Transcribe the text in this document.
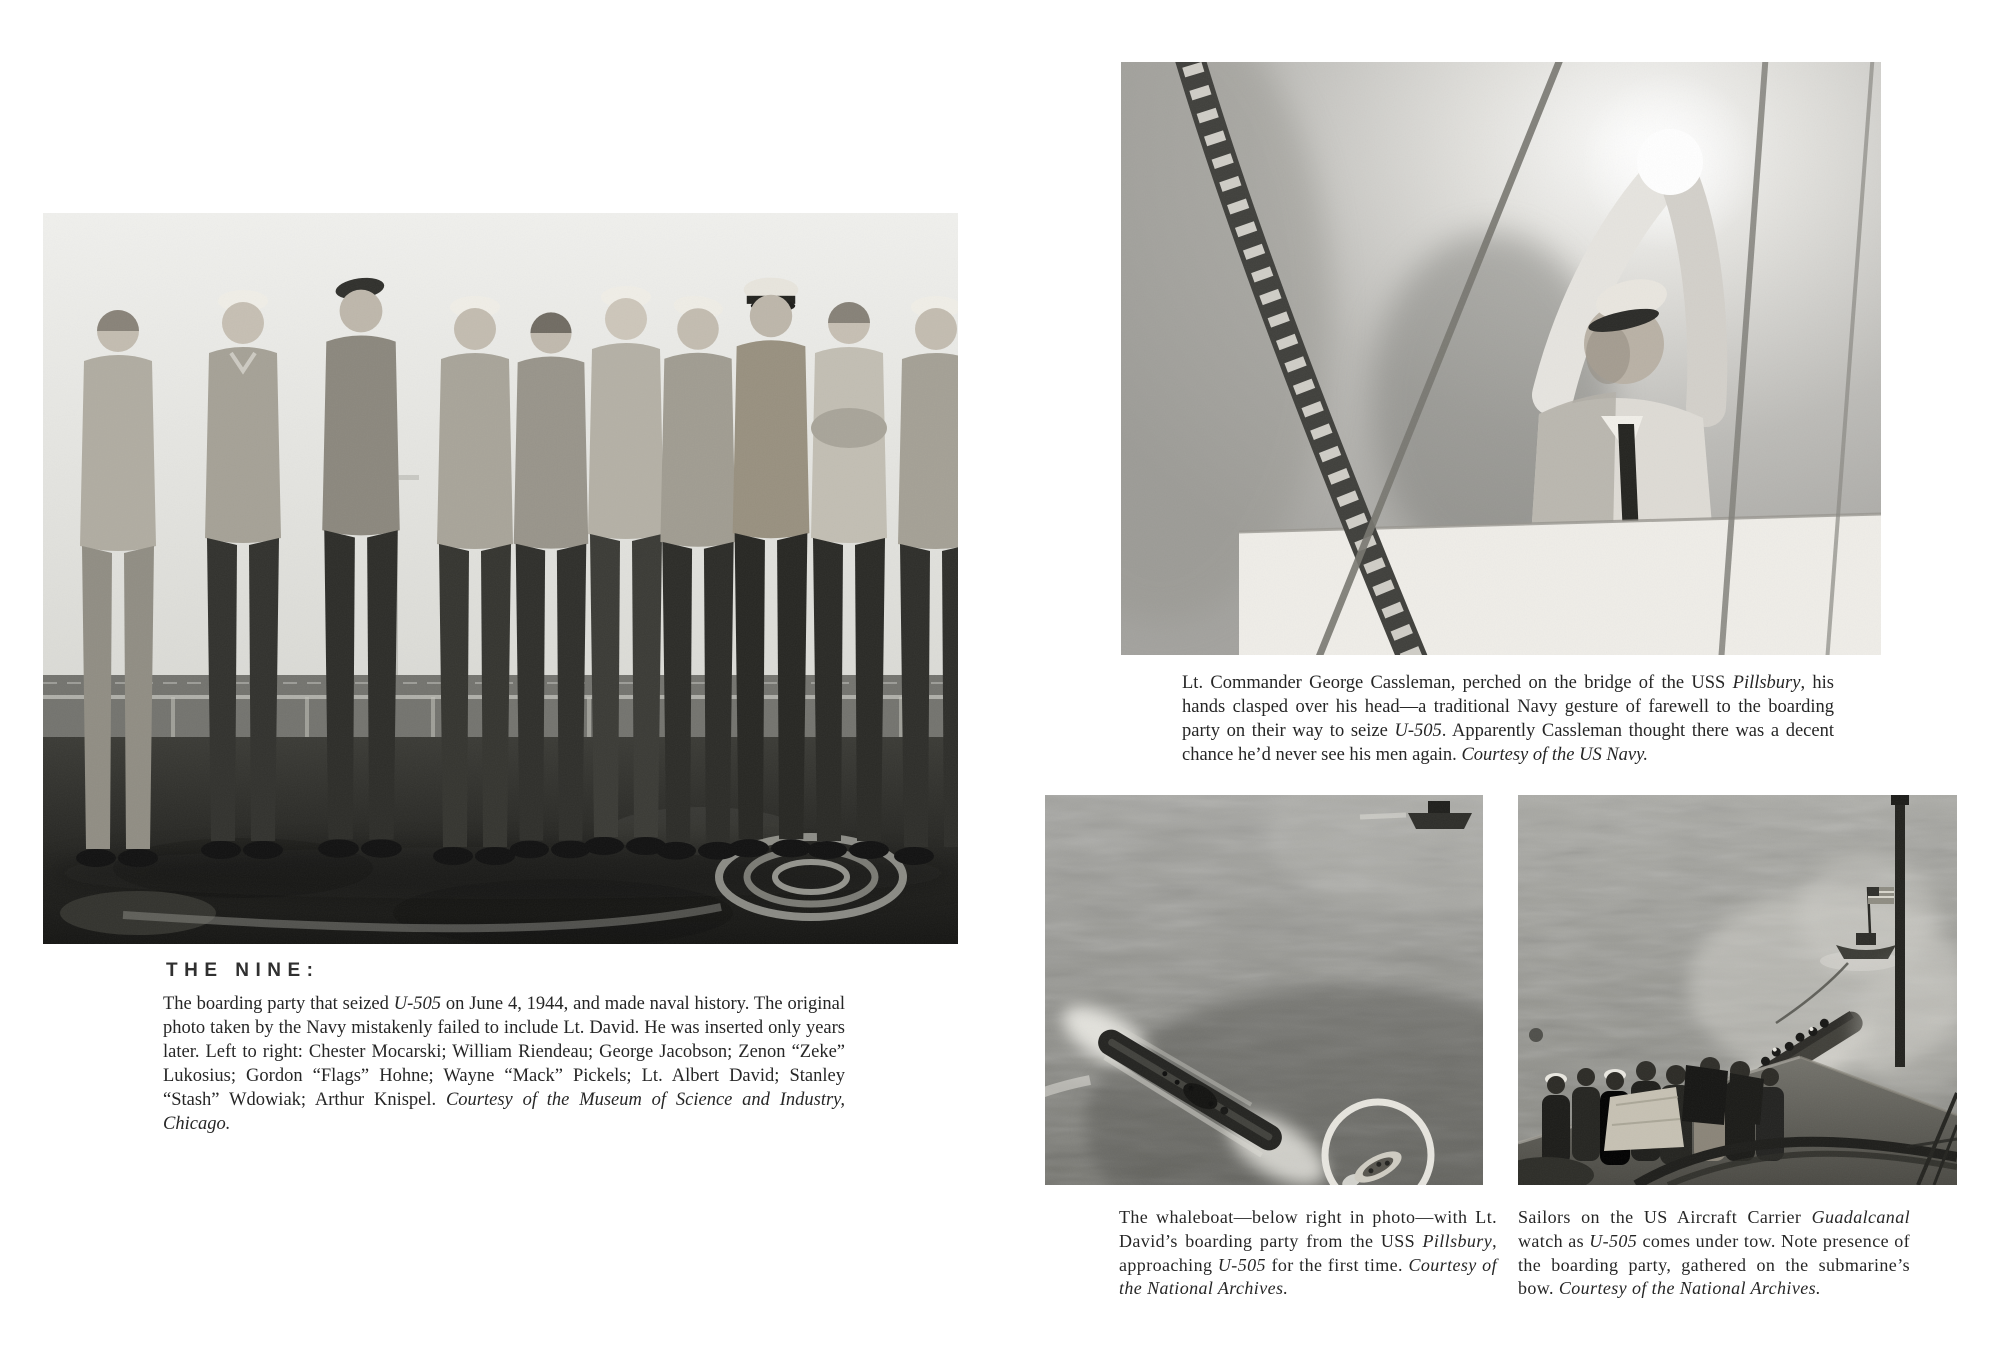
THE NINE:
The boarding party that seized U-505 on June 4, 1944, and made naval history. The original photo taken by the Navy mistakenly failed to include Lt. David. He was inserted only years later. Left to right: Chester Mocarski; William Riendeau; George Jacobson; Zenon “Zeke” Lukosius; Gordon “Flags” Hohne; Wayne “Mack” Pickels; Lt. Albert David; Stanley “Stash” Wdowiak; Arthur Knispel. Courtesy of the Museum of Science and Industry, Chicago.
Lt. Commander George Cassleman, perched on the bridge of the USS Pillsbury, his hands clasped over his head—a traditional Navy gesture of farewell to the boarding party on their way to seize U-505. Apparently Cassleman thought there was a decent chance he’d never see his men again. Courtesy of the US Navy.
The whaleboat—below right in photo—with Lt. David’s boarding party from the USS Pillsbury, approaching U-505 for the first time. Courtesy of the National Archives.
Sailors on the US Aircraft Carrier Guadalcanal watch as U-505 comes under tow. Note presence of the boarding party, gathered on the submarine’s bow. Courtesy of the National Archives.
